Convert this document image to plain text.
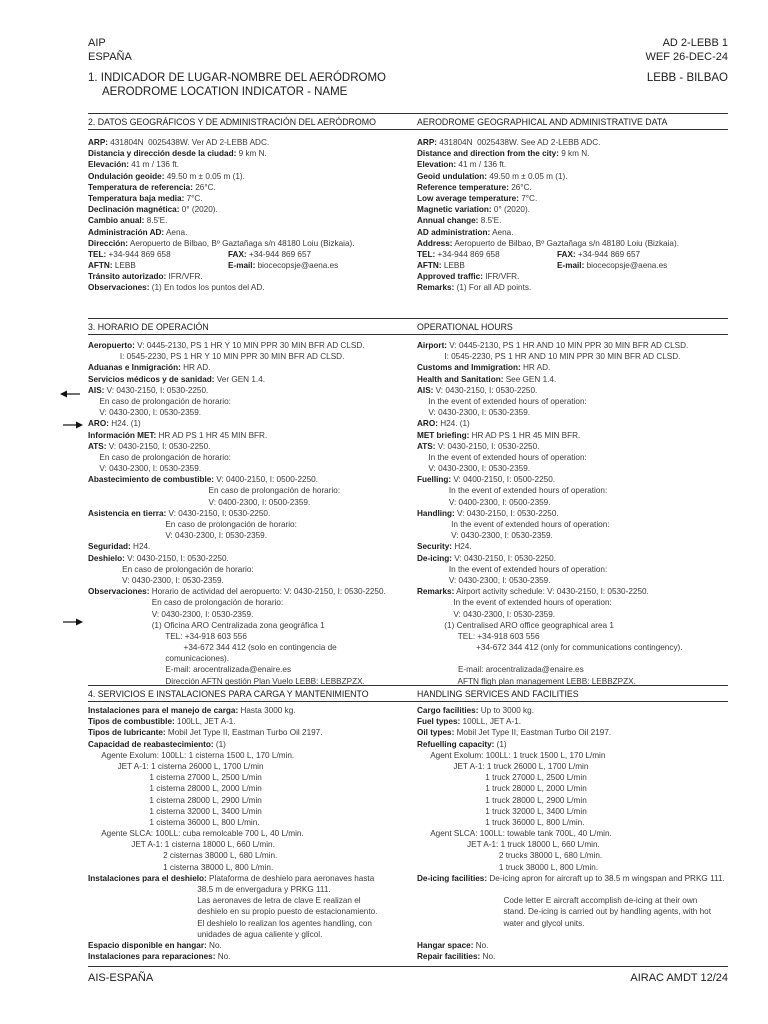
AIP
ESPAÑA
AD 2-LEBB 1
WEF 26-DEC-24
1. INDICADOR DE LUGAR-NOMBRE DEL AERÓDROMO
AERODROME LOCATION INDICATOR - NAME
LEBB - BILBAO
2. DATOS GEOGRÁFICOS Y DE ADMINISTRACIÓN DEL AERÓDROMO	AERODROME GEOGRAPHICAL AND ADMINISTRATIVE DATA
ARP: 431804N  0025438W. Ver AD 2-LEBB ADC.
Distancia y dirección desde la ciudad: 9 km N.
Elevación: 41 m / 136 ft.
Ondulación geoide: 49.50 m ± 0.05 m (1).
Temperatura de referencia: 26°C.
Temperatura baja media: 7°C.
Declinación magnética: 0° (2020).
Cambio anual: 8.5'E.
Administración AD: Aena.
Dirección: Aeropuerto de Bilbao, Bº Gaztañaga s/n 48180 Loiu (Bizkaia).
TEL: +34-944 869 658	FAX: +34-944 869 657
AFTN: LEBB	E-mail: biocecopsje@aena.es
Tránsito autorizado: IFR/VFR.
Observaciones: (1) En todos los puntos del AD.
ARP: 431804N  0025438W. See AD 2-LEBB ADC.
Distance and direction from the city: 9 km N.
Elevation: 41 m / 136 ft.
Geoid undulation: 49.50 m ± 0.05 m (1).
Reference temperature: 26°C.
Low average temperature: 7°C.
Magnetic variation: 0° (2020).
Annual change: 8.5'E.
AD administration: Aena.
Address: Aeropuerto de Bilbao, Bº Gaztañaga s/n 48180 Loiu (Bizkaia).
TEL: +34-944 869 658	FAX: +34-944 869 657
AFTN: LEBB	E-mail: biocecopsje@aena.es
Approved traffic: IFR/VFR.
Remarks: (1) For all AD points.
3. HORARIO DE OPERACIÓN	OPERATIONAL HOURS
Aeropuerto: V: 0445-2130, PS 1 HR Y 10 MIN PPR 30 MIN BFR AD CLSD.
I: 0545-2230, PS 1 HR Y 10 MIN PPR 30 MIN BFR AD CLSD.
Aduanas e Inmigración: HR AD.
Servicios médicos y de sanidad: Ver GEN 1.4.
AIS: V: 0430-2150, I: 0530-2250.
En caso de prolongación de horario:
V: 0430-2300, I: 0530-2359.
ARO: H24. (1)
Información MET: HR AD PS 1 HR 45 MIN BFR.
ATS: V: 0430-2150, I: 0530-2250.
En caso de prolongación de horario:
V: 0430-2300, I: 0530-2359.
Abastecimiento de combustible: V: 0400-2150, I: 0500-2250.
En caso de prolongación de horario:
V: 0400-2300, I: 0500-2359.
Asistencia en tierra: V: 0430-2150, I: 0530-2250.
En caso de prolongación de horario:
V: 0430-2300, I: 0530-2359.
Seguridad: H24.
Deshielo: V: 0430-2150, I: 0530-2250.
En caso de prolongación de horario:
V: 0430-2300, I: 0530-2359.
Observaciones: Horario de actividad del aeropuerto: V: 0430-2150, I: 0530-2250.
En caso de prolongación de horario:
V: 0430-2300, I: 0530-2359.
(1) Oficina ARO Centralizada zona geográfica 1
TEL: +34-918 603 556
+34-672 344 412 (solo en contingencia de
comunicaciones).
E-mail: arocentralizada@enaire.es
Dirección AFTN gestión Plan Vuelo LEBB: LEBBZPZX.
Airport: V: 0445-2130, PS 1 HR AND 10 MIN PPR 30 MIN BFR AD CLSD.
I: 0545-2230, PS 1 HR AND 10 MIN PPR 30 MIN BFR AD CLSD.
Customs and Immigration: HR AD.
Health and Sanitation: See GEN 1.4.
AIS: V: 0430-2150, I: 0530-2250.
In the event of extended hours of operation:
V: 0430-2300, I: 0530-2359.
ARO: H24. (1)
MET briefing: HR AD PS 1 HR 45 MIN BFR.
ATS: V: 0430-2150, I: 0530-2250.
In the event of extended hours of operation:
V: 0430-2300, I: 0530-2359.
Fuelling: V: 0400-2150, I: 0500-2250.
In the event of extended hours of operation:
V: 0400-2300, I: 0500-2359.
Handling: V: 0430-2150, I: 0530-2250.
In the event of extended hours of operation:
V: 0430-2300, I: 0530-2359.
Security: H24.
De-icing: V: 0430-2150, I: 0530-2250.
In the event of extended hours of operation:
V: 0430-2300, I: 0530-2359.
Remarks: Airport activity schedule: V: 0430-2150, I: 0530-2250.
In the event of extended hours of operation:
V: 0430-2300, I: 0530-2359.
(1) Centralised ARO office geographical area 1
TEL: +34-918 603 556
+34-672 344 412 (only for communications contingency).
E-mail: arocentralizada@enaire.es
AFTN fligh plan management LEBB: LEBBZPZX.
4. SERVICIOS E INSTALACIONES PARA CARGA Y MANTENIMIENTO	HANDLING SERVICES AND FACILITIES
Instalaciones para el manejo de carga: Hasta 3000 kg.
Tipos de combustible: 100LL, JET A-1.
Tipos de lubricante: Mobil Jet Type II, Eastman Turbo Oil 2197.
Capacidad de reabastecimiento: (1)
Agente Exolum: 100LL: 1 cisterna 1500 L, 170 L/min.
JET A-1: 1 cisterna 26000 L, 1700 L/min
1 cisterna 27000 L, 2500 L/min
1 cisterna 28000 L, 2000 L/min
1 cisterna 28000 L, 2900 L/min
1 cisterna 32000 L, 3400 L/min
1 cisterna 36000 L, 800 L/min.
Agente SLCA: 100LL: cuba remolcable 700 L, 40 L/min.
JET A-1: 1 cisterna 18000 L, 660 L/min.
2 cisternas 38000 L, 680 L/min.
1 cisterna 38000 L, 800 L/min.
Instalaciones para el deshielo: Plataforma de deshielo para aeronaves hasta
38.5 m de envergadura y PRKG 111.
Las aeronaves de letra de clave E realizan el
deshielo en su propio puesto de estacionamiento.
El deshielo lo realizan los agentes handling, con
unidades de agua caliente y glicol.
Espacio disponible en hangar: No.
Instalaciones para reparaciones: No.
Cargo facilities: Up to 3000 kg.
Fuel types: 100LL, JET A-1.
Oil types: Mobil Jet Type II, Eastman Turbo Oil 2197.
Refuelling capacity: (1)
Agent Exolum: 100LL: 1 truck 1500 L, 170 L/min
JET A-1: 1 truck 26000 L, 1700 L/min
1 truck 27000 L, 2500 L/min
1 truck 28000 L, 2000 L/min
1 truck 28000 L, 2900 L/min
1 truck 32000 L, 3400 L/min
1 truck 36000 L, 800 L/min.
Agent SLCA: 100LL: towable tank 700L, 40 L/min.
JET A-1: 1 truck 18000 L, 660 L/min.
2 trucks 38000 L, 680 L/min.
1 truck 38000 L, 800 L/min.
De-icing facilities: De-icing apron for aircraft up to 38.5 m wingspan and PRKG 111.
Code letter E aircraft accomplish de-icing at their own
stand. De-icing is carried out by handling agents, with hot
water and glycol units.
Hangar space: No.
Repair facilities: No.
AIS-ESPAÑA	AIRAC AMDT 12/24
